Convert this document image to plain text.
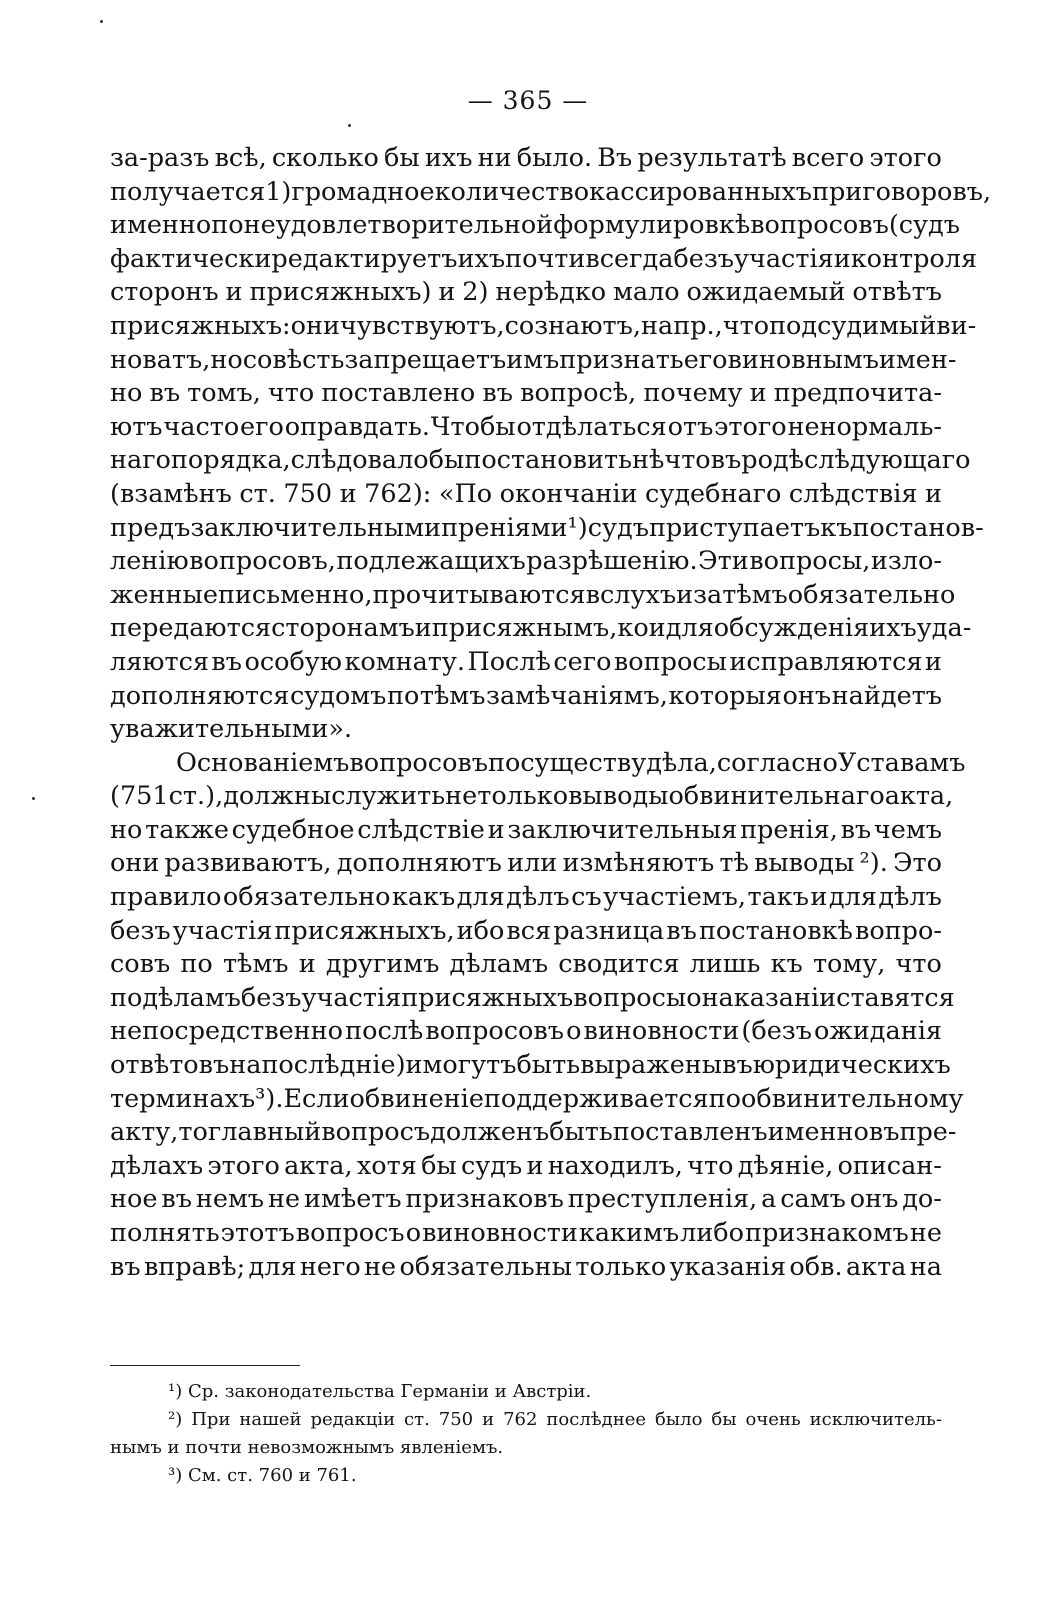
— 365 —
за-разъ всѣ, сколько бы ихъ ни было. Въ результатѣ всего этого
получается 1) громадное количество кассированныхъ приговоровъ,
именно по неудовлетворительной формулировкѣ вопросовъ (судъ
фактически редактируетъ ихъ почти всегда безъ участія и контроля
сторонъ и присяжныхъ) и 2) нерѣдко мало ожидаемый отвѣтъ
присяжныхъ: они чувствуютъ, сознаютъ, напр., что подсудимый ви-
новатъ, но совѣсть запрещаетъ имъ признать его виновнымъ имен-
но въ томъ, что поставлено въ вопросѣ, почему и предпочита-
ютъ часто его оправдать. Чтобы отдѣлаться отъ этого ненормаль-
наго порядка, слѣдовало бы постановить нѣчто въ родѣ слѣдующаго
(взамѣнъ ст. 750 и 762): «По окончаніи судебнаго слѣдствія и
предъ заключительными преніями ¹) судъ приступаетъ къ постанов-
ленію вопросовъ, подлежащихъ разрѣшенію. Эти вопросы, изло-
женные письменно, прочитываются вслухъ и затѣмъ обязательно
передаются сторонамъ и присяжнымъ, кои для обсужденія ихъ уда-
ляются въ особую комнату. Послѣ сего вопросы исправляются и
дополняются судомъ по тѣмъ замѣчаніямъ, которыя онъ найдетъ
уважительными».
Основаніемъ вопросовъ по существу дѣла, согласно Уставамъ
(751 ст.), должны служить не только выводы обвинительнаго акта,
но также судебное слѣдствіе и заключительныя пренія, въ чемъ
они развиваютъ, дополняютъ или измѣняютъ тѣ выводы ²). Это
правило обязательно какъ для дѣлъ съ участіемъ, такъ и для дѣлъ
безъ участія присяжныхъ, ибо вся разница въ постановкѣ вопро-
совъ по тѣмъ и другимъ дѣламъ сводится лишь къ тому, что
по дѣламъ безъ участія присяжныхъ вопросы о наказаніи ставятся
непосредственно послѣ вопросовъ о виновности (безъ ожиданія
отвѣтовъ на послѣдніе) и могутъ быть выражены въ юридическихъ
терминахъ ³). Если обвиненіе поддерживается по обвинительному
акту, то главный вопросъ долженъ быть поставленъ именно въ пре-
дѣлахъ этого акта, хотя бы судъ и находилъ, что дѣяніе, описан-
ное въ немъ не имѣетъ признаковъ преступленія, а самъ онъ до-
полнять этотъ вопросъ о виновности какимъ либо признакомъ не
въ вправѣ; для него не обязательны только указанія обв. акта на
¹) Ср. законодательства Германіи и Австріи.
²) При нашей редакціи ст. 750 и 762 послѣднее было бы очень исключитель-
нымъ и почти невозможнымъ явленіемъ.
³) См. ст. 760 и 761.
